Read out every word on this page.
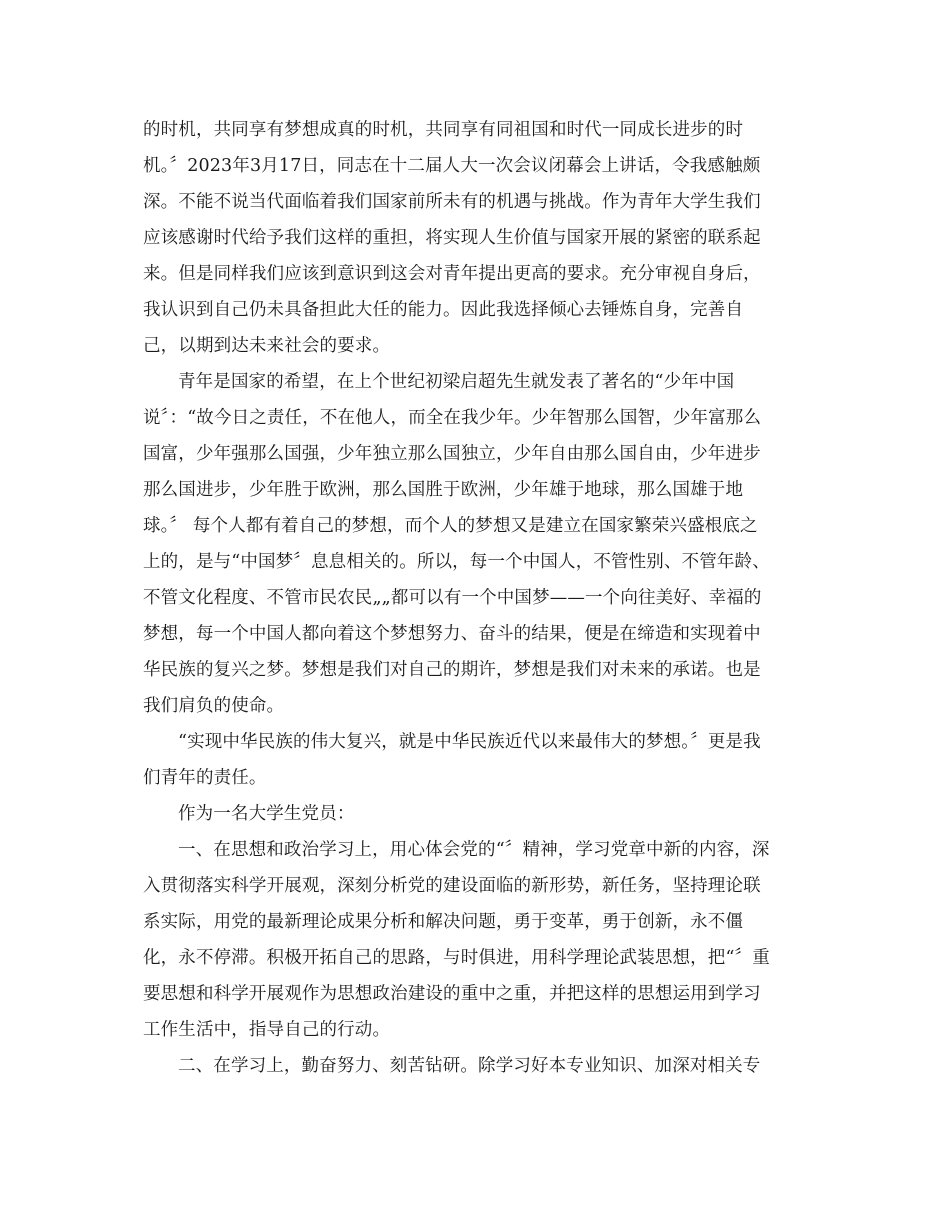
的时机，共同享有梦想成真的时机，共同享有同祖国和时代一同成长进步的时
机。〞2023年3月17日，同志在十二届人大一次会议闭幕会上讲话，令我感触颇
深。不能不说当代面临着我们国家前所未有的机遇与挑战。作为青年大学生我们
应该感谢时代给予我们这样的重担，将实现人生价值与国家开展的紧密的联系起
来。但是同样我们应该到意识到这会对青年提出更高的要求。充分审视自身后，
我认识到自己仍未具备担此大任的能力。因此我选择倾心去锤炼自身，完善自
己，以期到达未来社会的要求。
青年是国家的希望，在上个世纪初梁启超先生就发表了著名的“少年中国
说〞：“故今日之责任，不在他人，而全在我少年。少年智那么国智，少年富那么
国富，少年强那么国强，少年独立那么国独立，少年自由那么国自由，少年进步
那么国进步，少年胜于欧洲，那么国胜于欧洲，少年雄于地球，那么国雄于地
球。〞 每个人都有着自己的梦想，而个人的梦想又是建立在国家繁荣兴盛根底之
上的，是与“中国梦〞息息相关的。所以，每一个中国人，不管性别、不管年龄、
不管文化程度、不管市民农民„„都可以有一个中国梦——一个向往美好、幸福的
梦想，每一个中国人都向着这个梦想努力、奋斗的结果，便是在缔造和实现着中
华民族的复兴之梦。梦想是我们对自己的期许，梦想是我们对未来的承诺。也是
我们肩负的使命。
“实现中华民族的伟大复兴，就是中华民族近代以来最伟大的梦想。〞更是我
们青年的责任。
作为一名大学生党员：
一、在思想和政治学习上，用心体会党的“〞精神，学习党章中新的内容，深
入贯彻落实科学开展观，深刻分析党的建设面临的新形势，新任务，坚持理论联
系实际，用党的最新理论成果分析和解决问题，勇于变革，勇于创新，永不僵
化，永不停滞。积极开拓自己的思路，与时俱进，用科学理论武装思想，把“〞重
要思想和科学开展观作为思想政治建设的重中之重，并把这样的思想运用到学习
工作生活中，指导自己的行动。
二、在学习上，勤奋努力、刻苦钻研。除学习好本专业知识、加深对相关专
